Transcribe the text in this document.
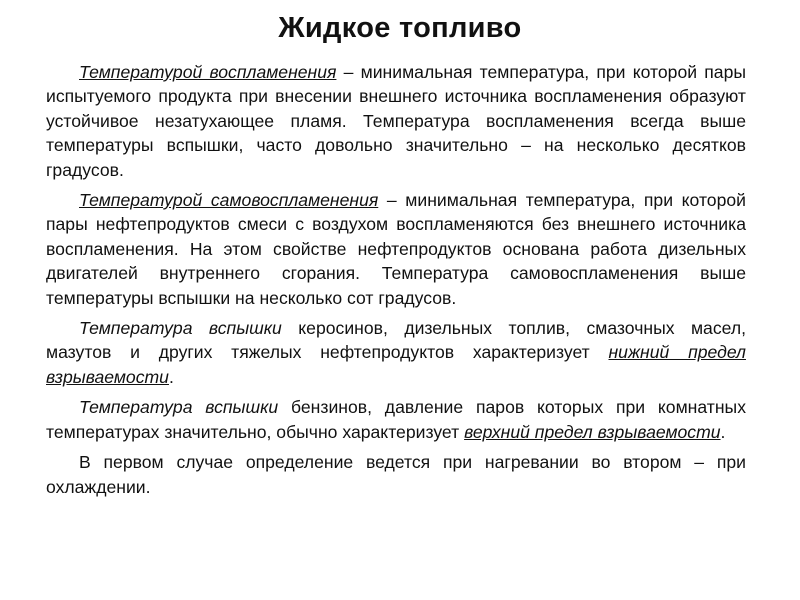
Жидкое топливо

Температурой воспламенения – минимальная температура, при которой пары испытуемого продукта при внесении внешнего источника воспламенения образуют устойчивое незатухающее пламя. Температура воспламенения всегда выше температуры вспышки, часто довольно значительно – на несколько десятков градусов.

Температурой самовоспламенения – минимальная температура, при которой пары нефтепродуктов смеси с воздухом воспламеняются без внешнего источника воспламенения. На этом свойстве нефтепродуктов основана работа дизельных двигателей внутреннего сгорания. Температура самовоспламенения выше температуры вспышки на несколько сот градусов.

Температура вспышки керосинов, дизельных топлив, смазочных масел, мазутов и других тяжелых нефтепродуктов характеризует нижний предел взрываемости.

Температура вспышки бензинов, давление паров которых при комнатных температурах значительно, обычно характеризует верхний предел взрываемости.

В первом случае определение ведется при нагревании во втором – при охлаждении.
